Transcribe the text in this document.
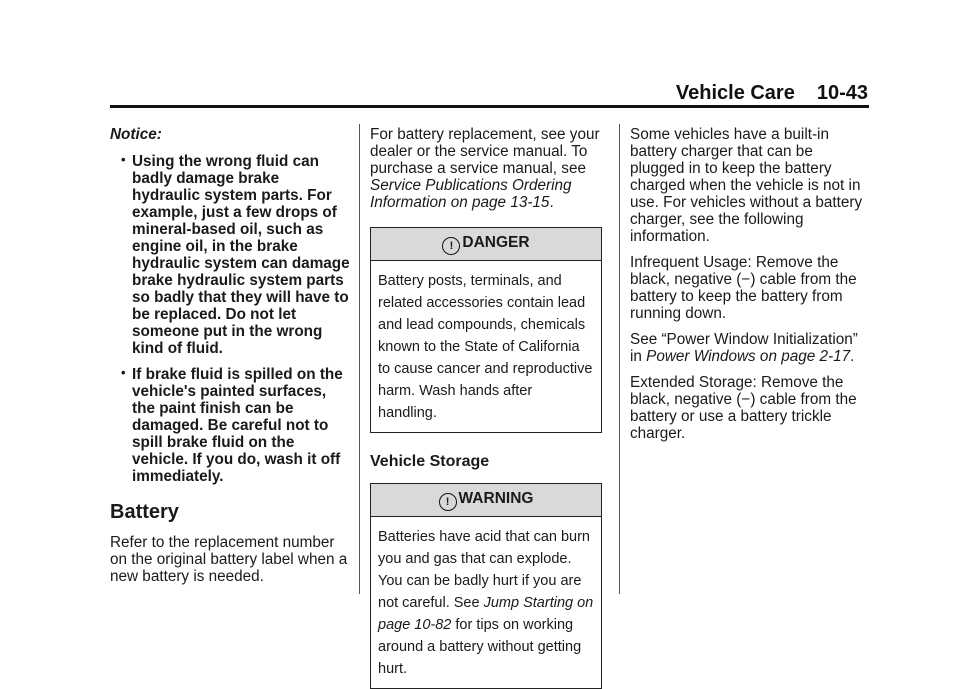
Vehicle Care 10-43

Notice:

• Using the wrong fluid can badly damage brake hydraulic system parts. For example, just a few drops of mineral-based oil, such as engine oil, in the brake hydraulic system can damage brake hydraulic system parts so badly that they will have to be replaced. Do not let someone put in the wrong kind of fluid.
• If brake fluid is spilled on the vehicle's painted surfaces, the paint finish can be damaged. Be careful not to spill brake fluid on the vehicle. If you do, wash it off immediately.
Battery

Refer to the replacement number on the original battery label when a new battery is needed.

For battery replacement, see your dealer or the service manual. To purchase a service manual, see Service Publications Ordering Information on page 13-15.

! DANGER
Battery posts, terminals, and related accessories contain lead and lead compounds, chemicals known to the State of California to cause cancer and reproductive harm. Wash hands after handling.
Vehicle Storage
! WARNING
Batteries have acid that can burn you and gas that can explode. You can be badly hurt if you are not careful. See Jump Starting on page 10-82 for tips on working around a battery without getting hurt.

Some vehicles have a built-in battery charger that can be plugged in to keep the battery charged when the vehicle is not in use. For vehicles without a battery charger, see the following information.

Infrequent Usage: Remove the black, negative (−) cable from the battery to keep the battery from running down.

See “Power Window Initialization” in Power Windows on page 2-17.

Extended Storage: Remove the black, negative (−) cable from the battery or use a battery trickle charger.
